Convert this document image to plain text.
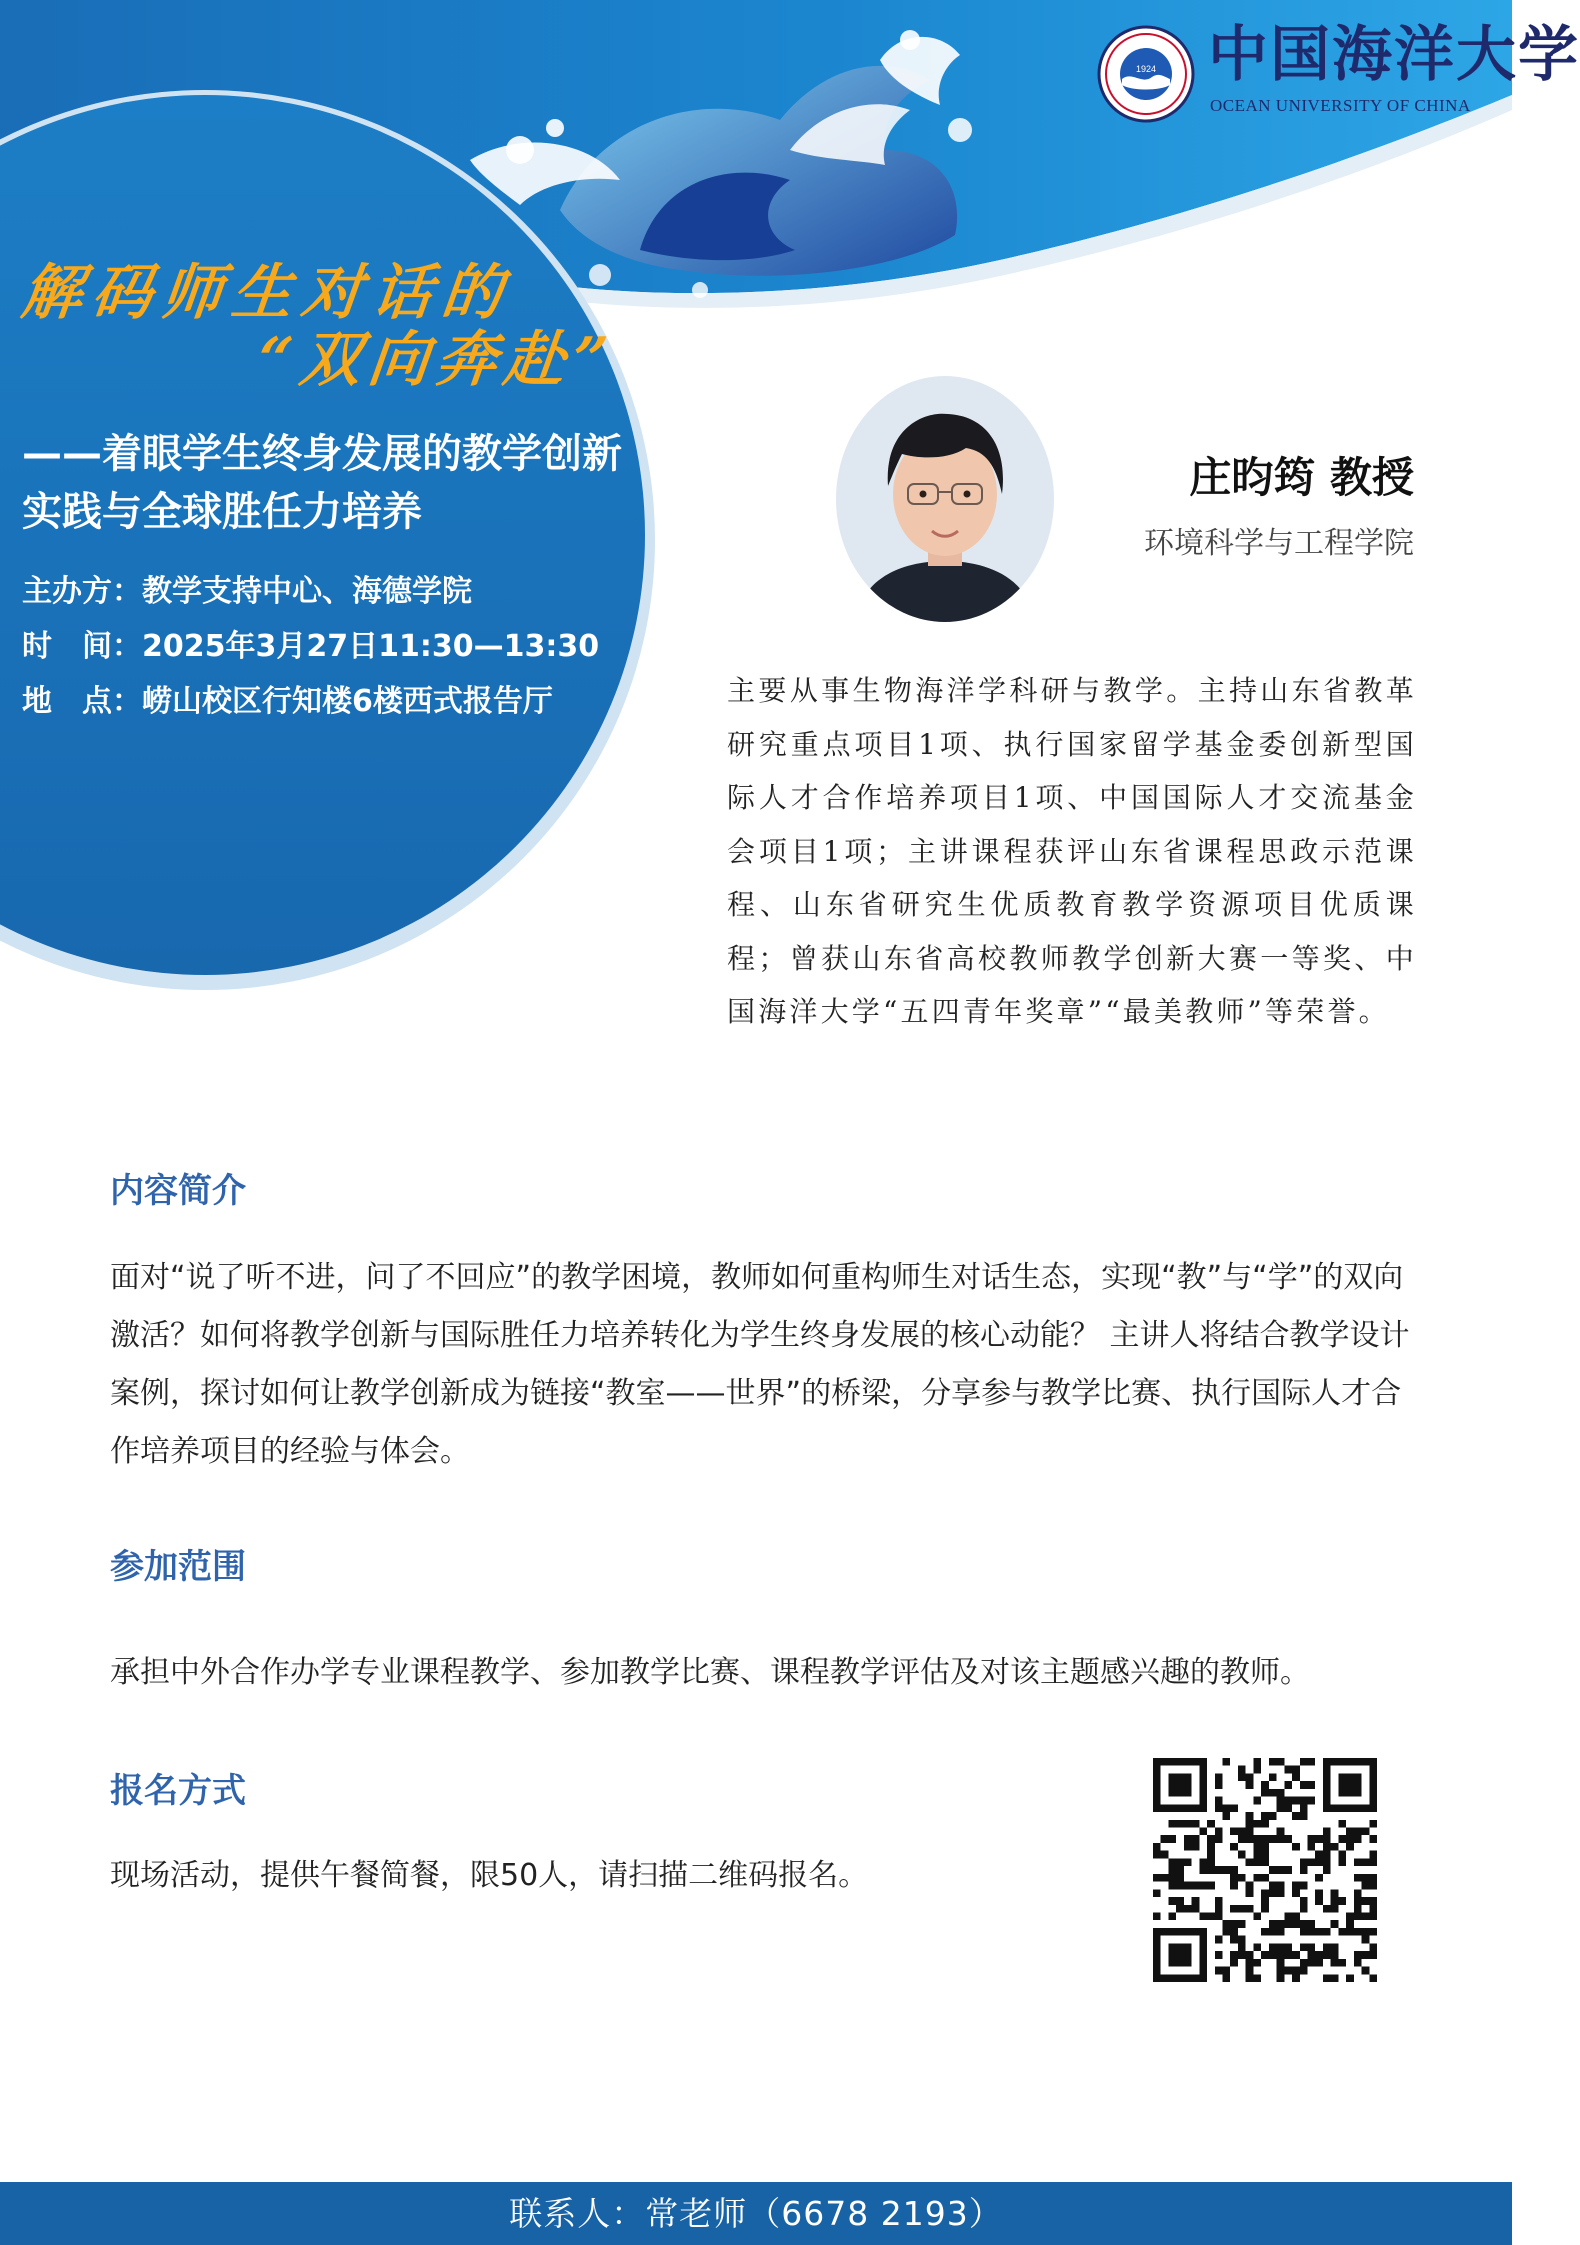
1924 中国海洋大学
OCEAN UNIVERSITY OF CHINA
解码师生对话的
“双向奔赴”
——着眼学生终身发展的教学创新实践与全球胜任力培养
主办方：教学支持中心、海德学院
时　间：2025年3月27日11:30—13:30
地　点：崂山校区行知楼6楼西式报告厅
庄昀筠 教授
环境科学与工程学院
主要从事生物海洋学科研与教学。主持山东省教革研究重点项目1项、执行国家留学基金委创新型国际人才合作培养项目1项、中国国际人才交流基金会项目1项；主讲课程获评山东省课程思政示范课程、山东省研究生优质教育教学资源项目优质课程；曾获山东省高校教师教学创新大赛一等奖、中国海洋大学“五四青年奖章”“最美教师”等荣誉。
内容简介
面对“说了听不进，问了不回应”的教学困境，教师如何重构师生对话生态，实现“教”与“学”的双向激活？如何将教学创新与国际胜任力培养转化为学生终身发展的核心动能？ 主讲人将结合教学设计案例，探讨如何让教学创新成为链接“教室——世界”的桥梁，分享参与教学比赛、执行国际人才合作培养项目的经验与体会。
参加范围
承担中外合作办学专业课程教学、参加教学比赛、课程教学评估及对该主题感兴趣的教师。
报名方式
现场活动，提供午餐简餐，限50人，请扫描二维码报名。
联系人：常老师（6678 2193）
